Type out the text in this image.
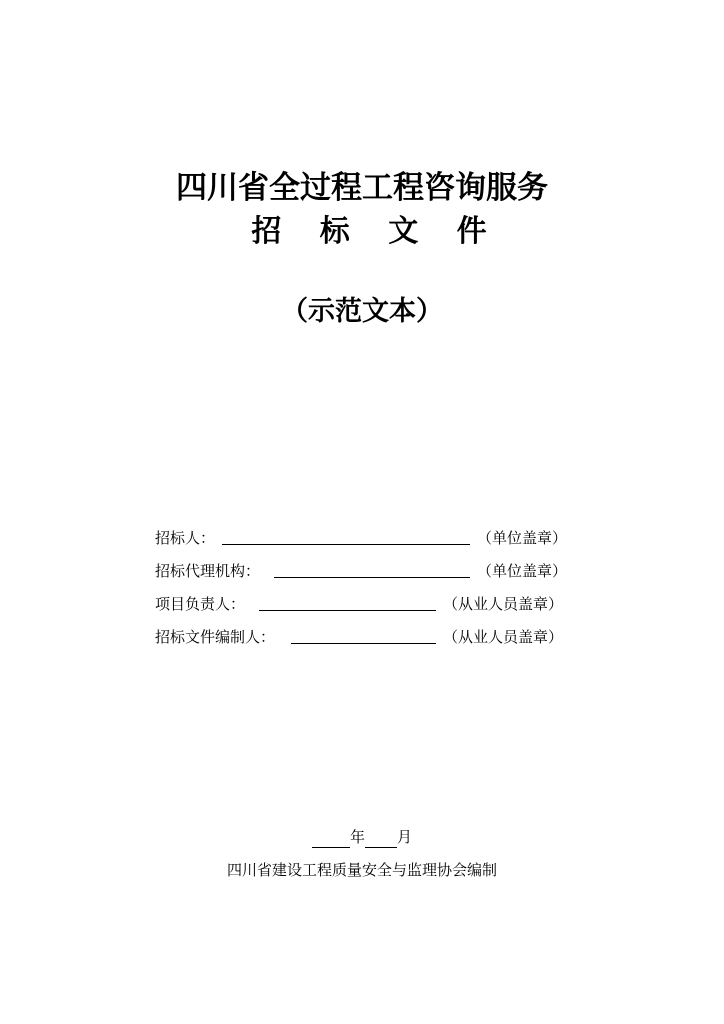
四川省全过程工程咨询服务
招 标 文 件
（示范文本）
招标人：	（单位盖章）
招标代理机构：	（单位盖章）
项目负责人：	（从业人员盖章）
招标文件编制人：	（从业人员盖章）
年 月
四川省建设工程质量安全与监理协会编制
